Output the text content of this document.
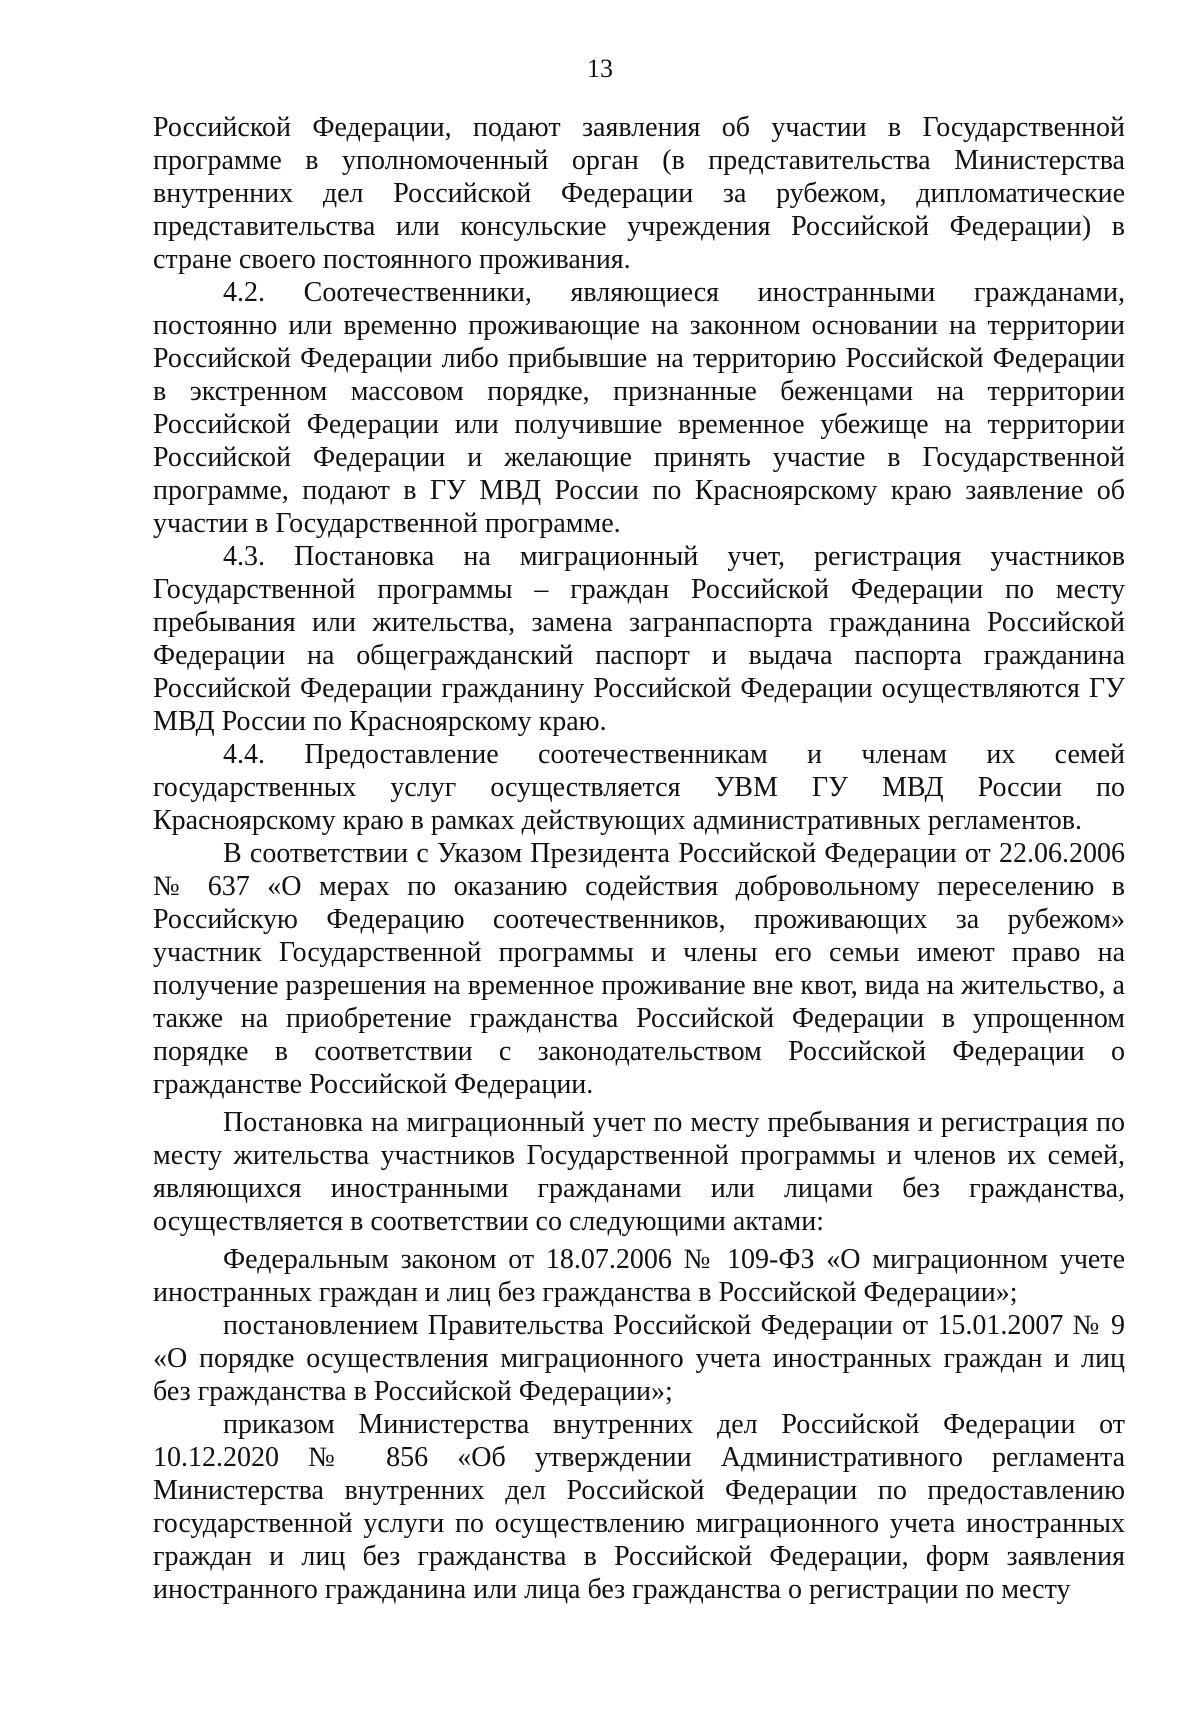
13

Российской Федерации, подают заявления об участии в Государственной программе в уполномоченный орган (в представительства Министерства внутренних дел Российской Федерации за рубежом, дипломатические представительства или консульские учреждения Российской Федерации) в стране своего постоянного проживания.

4.2. Соотечественники, являющиеся иностранными гражданами, постоянно или временно проживающие на законном основании на территории Российской Федерации либо прибывшие на территорию Российской Федерации в экстренном массовом порядке, признанные беженцами на территории Российской Федерации или получившие временное убежище на территории Российской Федерации и желающие принять участие в Государственной программе, подают в ГУ МВД России по Красноярскому краю заявление об участии в Государственной программе.

4.3. Постановка на миграционный учет, регистрация участников Государственной программы – граждан Российской Федерации по месту пребывания или жительства, замена загранпаспорта гражданина Российской Федерации на общегражданский паспорт и выдача паспорта гражданина Российской Федерации гражданину Российской Федерации осуществляются ГУ МВД России по Красноярскому краю.

4.4. Предоставление соотечественникам и членам их семей государственных услуг осуществляется УВМ ГУ МВД России по Красноярскому краю в рамках действующих административных регламентов.

В соответствии с Указом Президента Российской Федерации от 22.06.2006 № 637 «О мерах по оказанию содействия добровольному переселению в Российскую Федерацию соотечественников, проживающих за рубежом» участник Государственной программы и члены его семьи имеют право на получение разрешения на временное проживание вне квот, вида на жительство, а также на приобретение гражданства Российской Федерации в упрощенном порядке в соответствии с законодательством Российской Федерации о гражданстве Российской Федерации.

Постановка на миграционный учет по месту пребывания и регистрация по месту жительства участников Государственной программы и членов их семей, являющихся иностранными гражданами или лицами без гражданства, осуществляется в соответствии со следующими актами:

Федеральным законом от 18.07.2006 № 109-ФЗ «О миграционном учете иностранных граждан и лиц без гражданства в Российской Федерации»;

постановлением Правительства Российской Федерации от 15.01.2007 № 9 «О порядке осуществления миграционного учета иностранных граждан и лиц без гражданства в Российской Федерации»;

приказом Министерства внутренних дел Российской Федерации от 10.12.2020 № 856 «Об утверждении Административного регламента Министерства внутренних дел Российской Федерации по предоставлению государственной услуги по осуществлению миграционного учета иностранных граждан и лиц без гражданства в Российской Федерации, форм заявления иностранного гражданина или лица без гражданства о регистрации по месту
